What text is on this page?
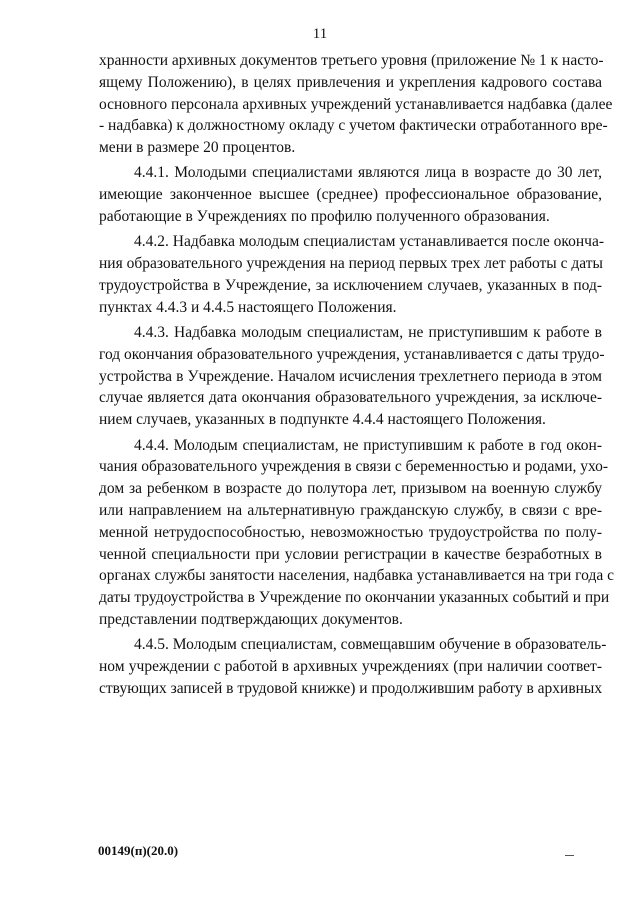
11

хранности архивных документов третьего уровня (приложение № 1 к насто-
ящему Положению), в целях привлечения и укрепления кадрового состава
основного персонала архивных учреждений устанавливается надбавка (далее
- надбавка) к должностному окладу с учетом фактически отработанного вре-
мени в размере 20 процентов.

4.4.1. Молодыми специалистами являются лица в возрасте до 30 лет,
имеющие законченное высшее (среднее) профессиональное образование,
работающие в Учреждениях по профилю полученного образования.

4.4.2. Надбавка молодым специалистам устанавливается после оконча-
ния образовательного учреждения на период первых трех лет работы с даты
трудоустройства в Учреждение, за исключением случаев, указанных в под-
пунктах 4.4.3 и 4.4.5 настоящего Положения.

4.4.3. Надбавка молодым специалистам, не приступившим к работе в
год окончания образовательного учреждения, устанавливается с даты трудо-
устройства в Учреждение. Началом исчисления трехлетнего периода в этом
случае является дата окончания образовательного учреждения, за исключе-
нием случаев, указанных в подпункте 4.4.4 настоящего Положения.

4.4.4. Молодым специалистам, не приступившим к работе в год окон-
чания образовательного учреждения в связи с беременностью и родами, ухо-
дом за ребенком в возрасте до полутора лет, призывом на военную службу
или направлением на альтернативную гражданскую службу, в связи с вре-
менной нетрудоспособностью, невозможностью трудоустройства по полу-
ченной специальности при условии регистрации в качестве безработных в
органах службы занятости населения, надбавка устанавливается на три года с
даты трудоустройства в Учреждение по окончании указанных событий и при
представлении подтверждающих документов.

4.4.5. Молодым специалистам, совмещавшим обучение в образователь-
ном учреждении с работой в архивных учреждениях (при наличии соответ-
ствующих записей в трудовой книжке) и продолжившим работу в архивных

00149(п)(20.0)
